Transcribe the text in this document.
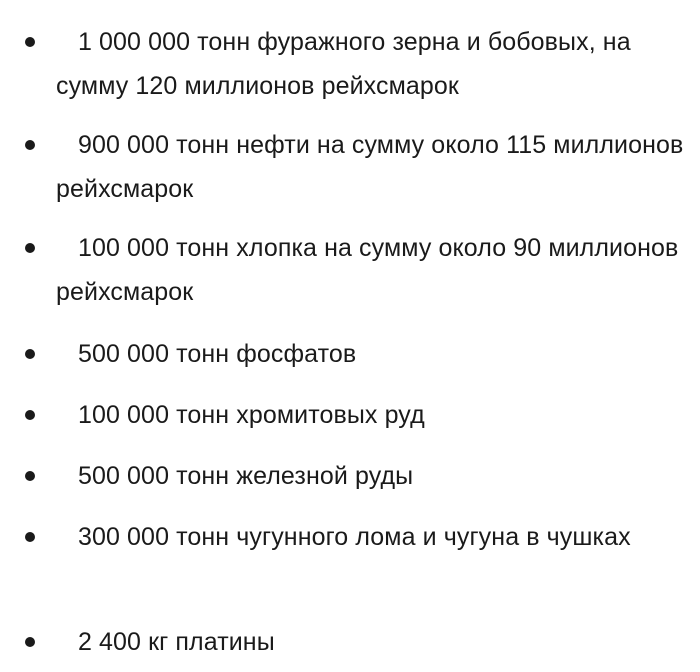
1 000 000 тонн фуражного зерна и бобовых, на сумму 120 миллионов рейхсмарок
900 000 тонн нефти на сумму около 115 миллионов рейхсмарок
100 000 тонн хлопка на сумму около 90 миллионов рейхсмарок
500 000 тонн фосфатов
100 000 тонн хромитовых руд
500 000 тонн железной руды
300 000 тонн чугунного лома и чугуна в чушках
2 400 кг платины
